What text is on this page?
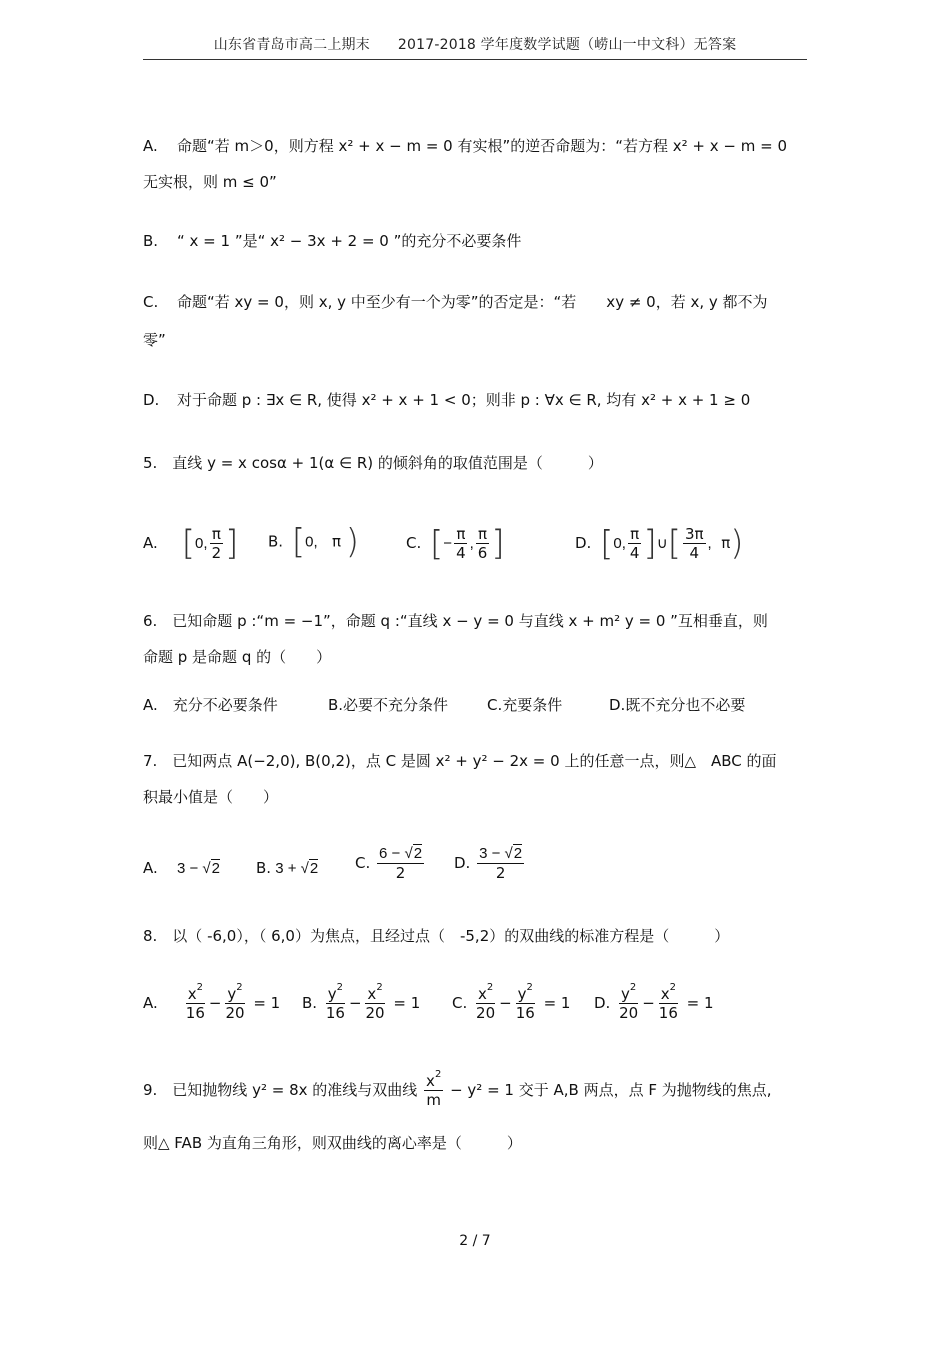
山东省青岛市高二上期末 2017-2018 学年度数学试题（崂山一中文科）无答案
A. 命题“若 m＞0，则方程 x² + x − m = 0 有实根”的逆否命题为：“若方程 x² + x − m = 0
无实根，则 m ≤ 0”
B. “ x = 1 ”是“ x² − 3x + 2 = 0 ”的充分不必要条件
C. 命题“若 xy = 0，则 x, y 中至少有一个为零”的否定是：“若　　xy ≠ 0，若 x, y 都不为
零”
D. 对于命题 p : ∃x ∈ R, 使得 x² + x + 1 < 0；则非 p : ∀x ∈ R, 均有 x² + x + 1 ≥ 0
5.　直线 y = x cosα + 1(α ∈ R) 的倾斜角的取值范围是（　　　）
A. [0, $\frac{\pi}{2}$ ] B. [0, π )	C. [− $\frac{\pi}{4}$ , $\frac{\pi}{6}$ ]	D. [0, $\frac{\pi}{4}$ ]∪[ $\frac{3\pi}{4}$ , π)
6.　已知命题 p :“m = −1”，命题 q :“直线 x − y = 0 与直线 x + m² y = 0 ”互相垂直，则
命题 p 是命题 q 的（　　）
A.　充分不必要条件	B.必要不充分条件	C.充要条件	D.既不充分也不必要
7.　已知两点 A(−2,0), B(0,2)，点 C 是圆 x² + y² − 2x = 0 上的任意一点，则△　ABC 的面
积最小值是（　　）
A. 3 − √2 B. 3 + √2 C. $\frac{6 - √2}{2} D$. $\frac{3 - √2}{2}$
8.　以（ -6,0），（ 6,0）为焦点，且经过点（　-5,2）的双曲线的标准方程是（　　　）
A. $\frac{x^2}{16} - \frac{y^2}{20} = 1$ B. $\frac{y^2}{16} - \frac{x^2}{20} = 1$ C. $\frac{x^2}{20} - \frac{y^2}{16} = 1$ D. $\frac{y^2}{20} - \frac{x^2}{16} = 1$
9.　已知抛物线 y² = 8x 的准线与双曲线 $\frac{x^2}{m} - y^2 = 1$ 交于 A,B 两点，点 F 为抛物线的焦点,
则△ FAB 为直角三角形，则双曲线的离心率是（　　　）
2 / 7
